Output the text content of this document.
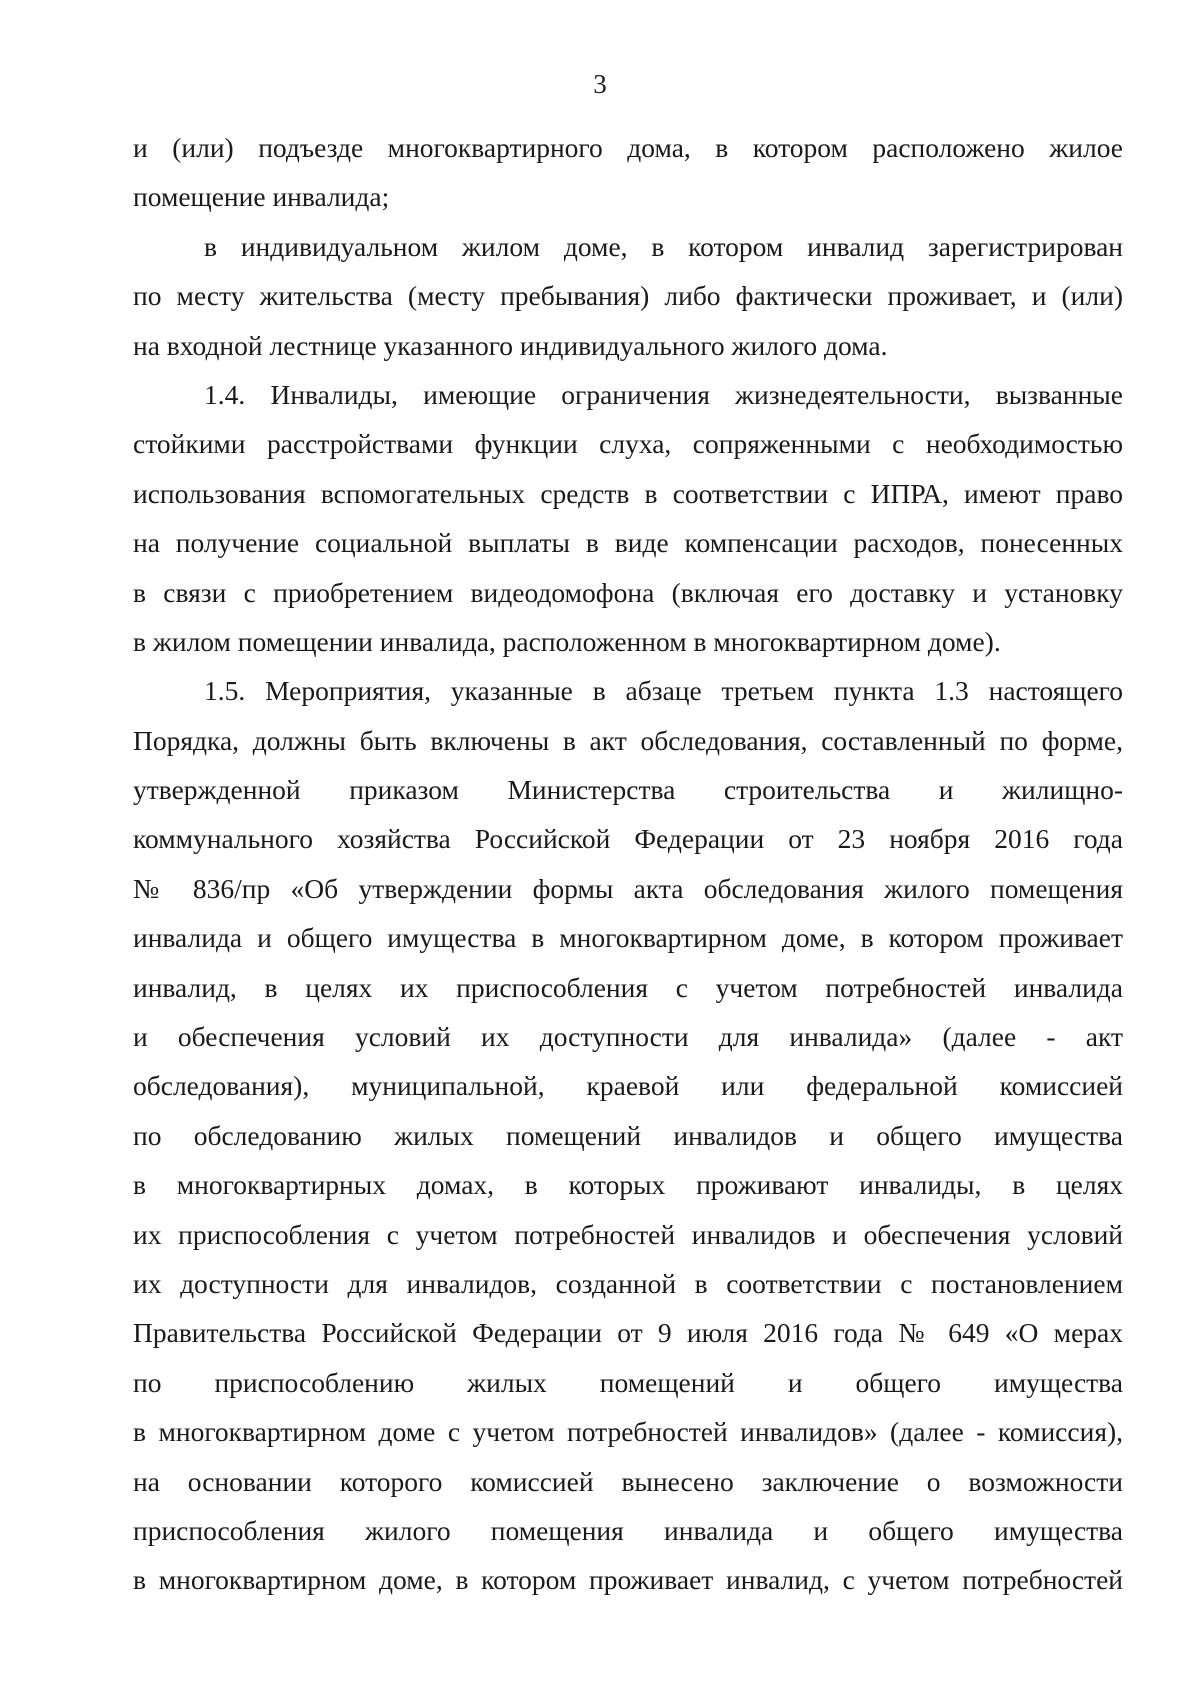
3
и (или) подъезде многоквартирного дома, в котором расположено жилое
помещение инвалида;
в индивидуальном жилом доме, в котором инвалид зарегистрирован
по месту жительства (месту пребывания) либо фактически проживает, и (или)
на входной лестнице указанного индивидуального жилого дома.
1.4. Инвалиды, имеющие ограничения жизнедеятельности, вызванные
стойкими расстройствами функции слуха, сопряженными с необходимостью
использования вспомогательных средств в соответствии с ИПРА, имеют право
на получение социальной выплаты в виде компенсации расходов, понесенных
в связи с приобретением видеодомофона (включая его доставку и установку
в жилом помещении инвалида, расположенном в многоквартирном доме).
1.5. Мероприятия, указанные в абзаце третьем пункта 1.3 настоящего
Порядка, должны быть включены в акт обследования, составленный по форме,
утвержденной приказом Министерства строительства и жилищно-
коммунального хозяйства Российской Федерации от 23 ноября 2016 года
№ 836/пр «Об утверждении формы акта обследования жилого помещения
инвалида и общего имущества в многоквартирном доме, в котором проживает
инвалид, в целях их приспособления с учетом потребностей инвалида
и обеспечения условий их доступности для инвалида» (далее - акт
обследования), муниципальной, краевой или федеральной комиссией
по обследованию жилых помещений инвалидов и общего имущества
в многоквартирных домах, в которых проживают инвалиды, в целях
их приспособления с учетом потребностей инвалидов и обеспечения условий
их доступности для инвалидов, созданной в соответствии с постановлением
Правительства Российской Федерации от 9 июля 2016 года № 649 «О мерах
по приспособлению жилых помещений и общего имущества
в многоквартирном доме с учетом потребностей инвалидов» (далее - комиссия),
на основании которого комиссией вынесено заключение о возможности
приспособления жилого помещения инвалида и общего имущества
в многоквартирном доме, в котором проживает инвалид, с учетом потребностей
